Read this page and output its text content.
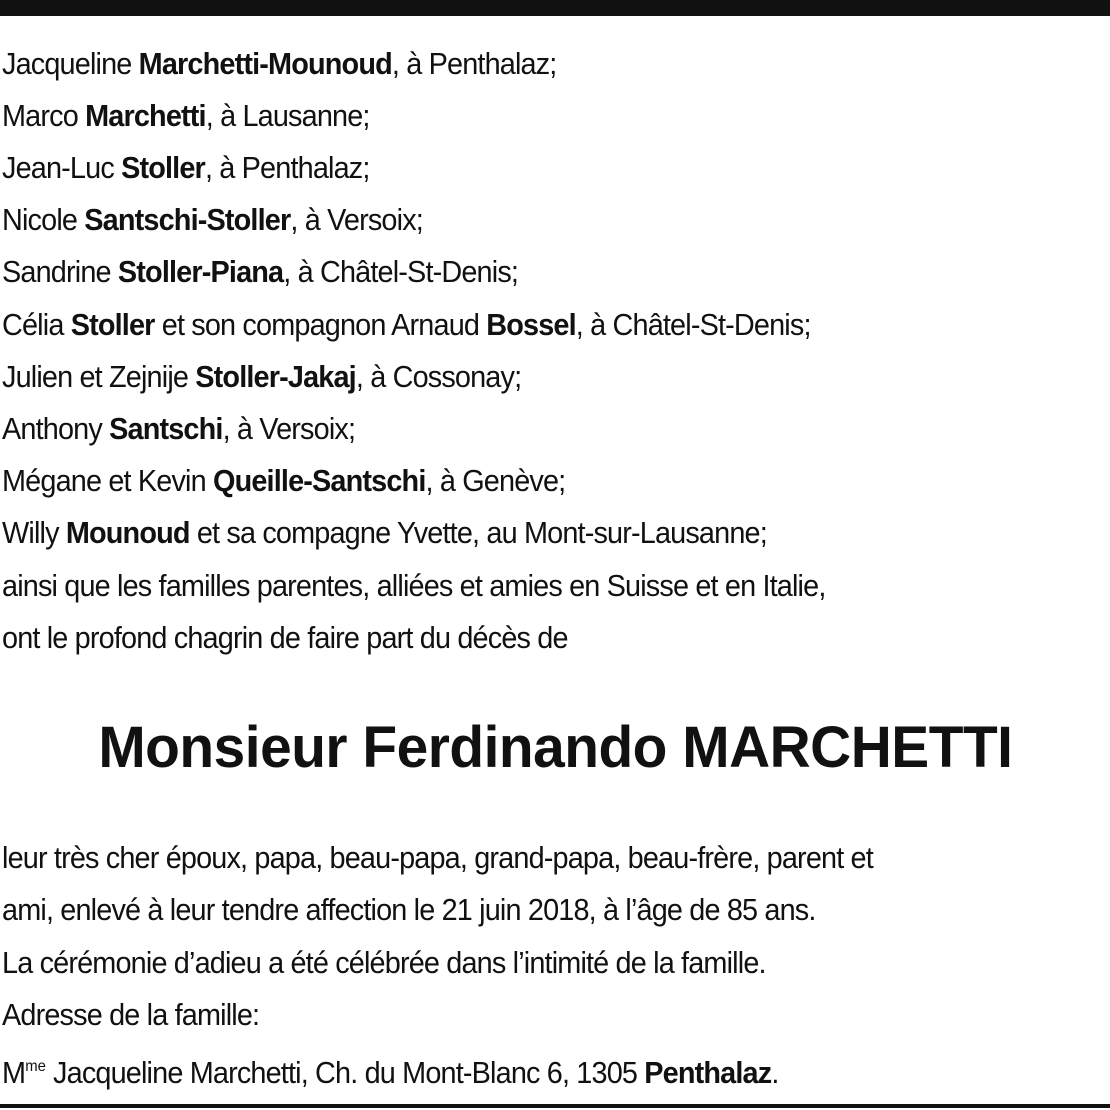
Jacqueline Marchetti-Mounoud, à Penthalaz;
Marco Marchetti, à Lausanne;
Jean-Luc Stoller, à Penthalaz;
Nicole Santschi-Stoller, à Versoix;
Sandrine Stoller-Piana, à Châtel-St-Denis;
Célia Stoller et son compagnon Arnaud Bossel, à Châtel-St-Denis;
Julien et Zejnije Stoller-Jakaj, à Cossonay;
Anthony Santschi, à Versoix;
Mégane et Kevin Queille-Santschi, à Genève;
Willy Mounoud et sa compagne Yvette, au Mont-sur-Lausanne;
ainsi que les familles parentes, alliées et amies en Suisse et en Italie,
ont le profond chagrin de faire part du décès de
Monsieur Ferdinando MARCHETTI
leur très cher époux, papa, beau-papa, grand-papa, beau-frère, parent et
ami, enlevé à leur tendre affection le 21 juin 2018, à l’âge de 85 ans.
La cérémonie d’adieu a été célébrée dans l’intimité de la famille.
Adresse de la famille:
$M^{me}$ Jacqueline Marchetti, Ch. du Mont-Blanc 6, 1305 Penthalaz.
